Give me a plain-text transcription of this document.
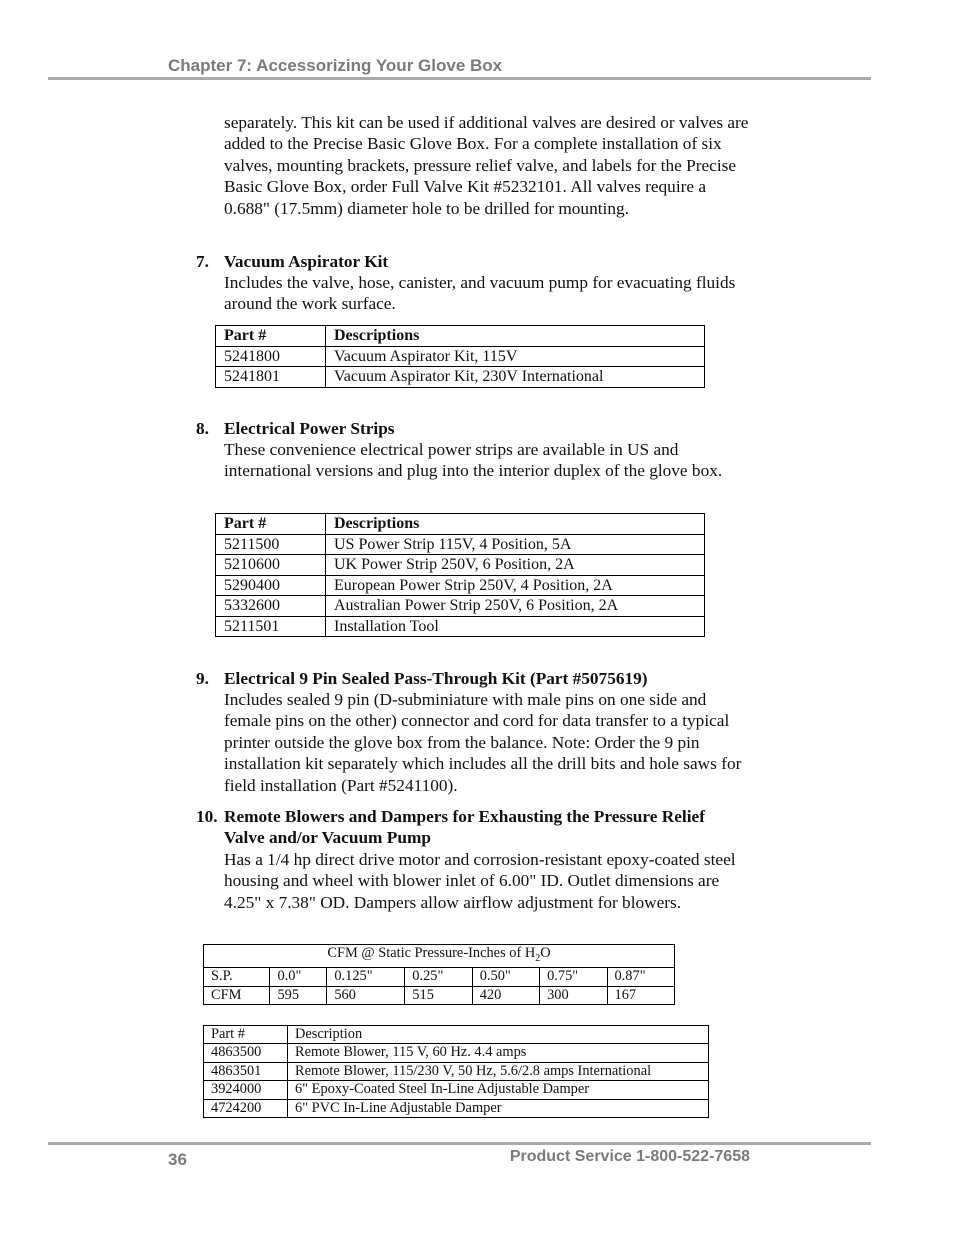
Chapter 7: Accessorizing Your Glove Box

separately. This kit can be used if additional valves are desired or valves are added to the Precise Basic Glove Box. For a complete installation of six valves, mounting brackets, pressure relief valve, and labels for the Precise Basic Glove Box, order Full Valve Kit #5232101. All valves require a 0.688" (17.5mm) diameter hole to be drilled for mounting.

7. Vacuum Aspirator Kit

Includes the valve, hose, canister, and vacuum pump for evacuating fluids around the work surface.

Part #	Descriptions
5241800	Vacuum Aspirator Kit, 115V
5241801	Vacuum Aspirator Kit, 230V International
8. Electrical Power Strips

These convenience electrical power strips are available in US and international versions and plug into the interior duplex of the glove box.

Part #	Descriptions
5211500	US Power Strip 115V, 4 Position, 5A
5210600	UK Power Strip 250V, 6 Position, 2A
5290400	European Power Strip 250V, 4 Position, 2A
5332600	Australian Power Strip 250V, 6 Position, 2A
5211501	Installation Tool
9. Electrical 9 Pin Sealed Pass-Through Kit (Part #5075619)

Includes sealed 9 pin (D-subminiature with male pins on one side and female pins on the other) connector and cord for data transfer to a typical printer outside the glove box from the balance. Note: Order the 9 pin installation kit separately which includes all the drill bits and hole saws for field installation (Part #5241100).

10. Remote Blowers and Dampers for Exhausting the Pressure Relief
Valve and/or Vacuum Pump

Has a 1/4 hp direct drive motor and corrosion-resistant epoxy-coated steel housing and wheel with blower inlet of 6.00" ID. Outlet dimensions are 4.25" x 7.38" OD. Dampers allow airflow adjustment for blowers.

CFM @ Static Pressure-Inches of $H_2O$						
S.P.	0.0"	0.125"	0.25"	0.50"	0.75"	0.87"
CFM	595	560	515	420	300	167
Part #	Description
4863500	Remote Blower, 115 V, 60 Hz. 4.4 amps
4863501	Remote Blower, 115/230 V, 50 Hz, 5.6/2.8 amps International
3924000	6" Epoxy-Coated Steel In-Line Adjustable Damper
4724200	6" PVC In-Line Adjustable Damper
36	Product Service 1-800-522-7658
